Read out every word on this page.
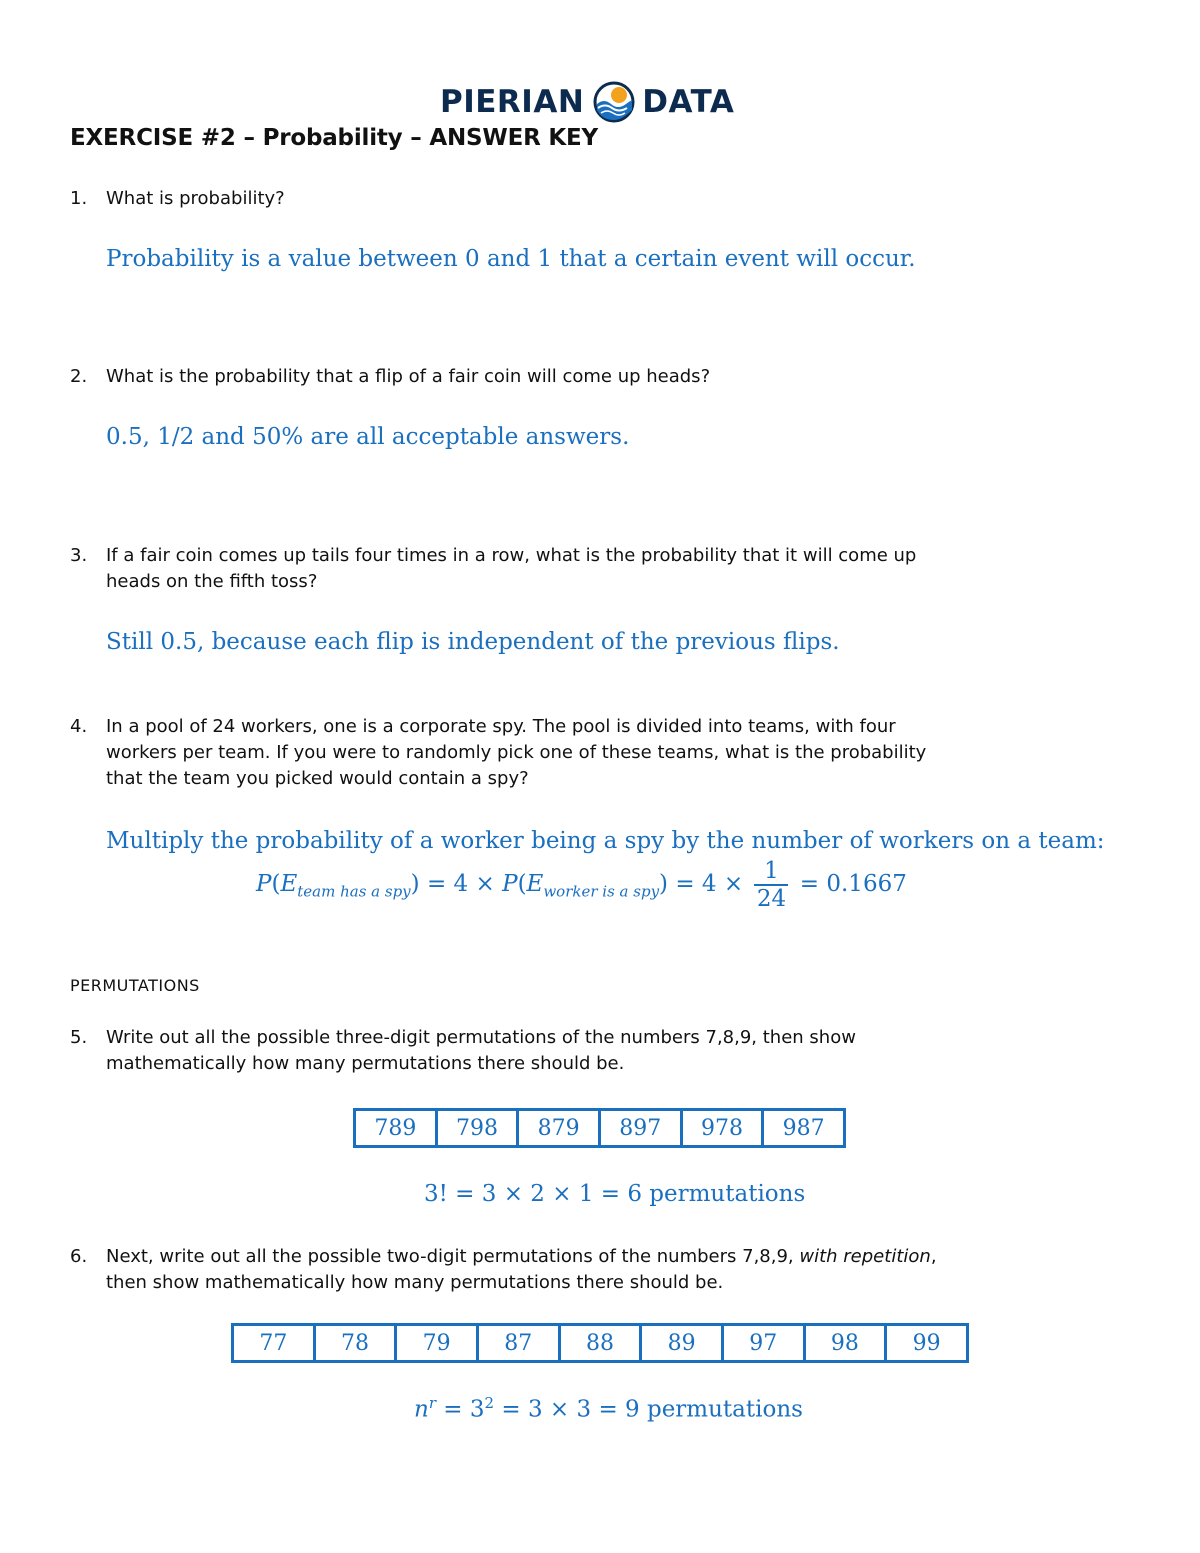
PIERIAN DATA
EXERCISE #2 – Probability – ANSWER KEY
1.	What is probability?
Probability is a value between 0 and 1 that a certain event will occur.
2.	What is the probability that a flip of a fair coin will come up heads?
0.5, 1/2 and 50% are all acceptable answers.
3.	If a fair coin comes up tails four times in a row, what is the probability that it will come up
heads on the fifth toss?
Still 0.5, because each flip is independent of the previous flips.
4.	In a pool of 24 workers, one is a corporate spy. The pool is divided into teams, with four
workers per team. If you were to randomly pick one of these teams, what is the probability
that the team you picked would contain a spy?
Multiply the probability of a worker being a spy by the number of workers on a team:
$P(E_{team has a spy}) = 4 \times P(E_{worker is a spy}) = 4 \times \frac{1}{24} = 0.1667$
PERMUTATIONS
5.	Write out all the possible three-digit permutations of the numbers 7,8,9, then show
mathematically how many permutations there should be.
789	798	879	897	978	987
3! = 3 × 2 × 1 = 6 permutations
6.	Next, write out all the possible two-digit permutations of the numbers 7,8,9, with repetition,
then show mathematically how many permutations there should be.
77	78	79	87	88	89	97	98	99
$n^r = 3^2 = 3 \times 3 = 9$ permutations
